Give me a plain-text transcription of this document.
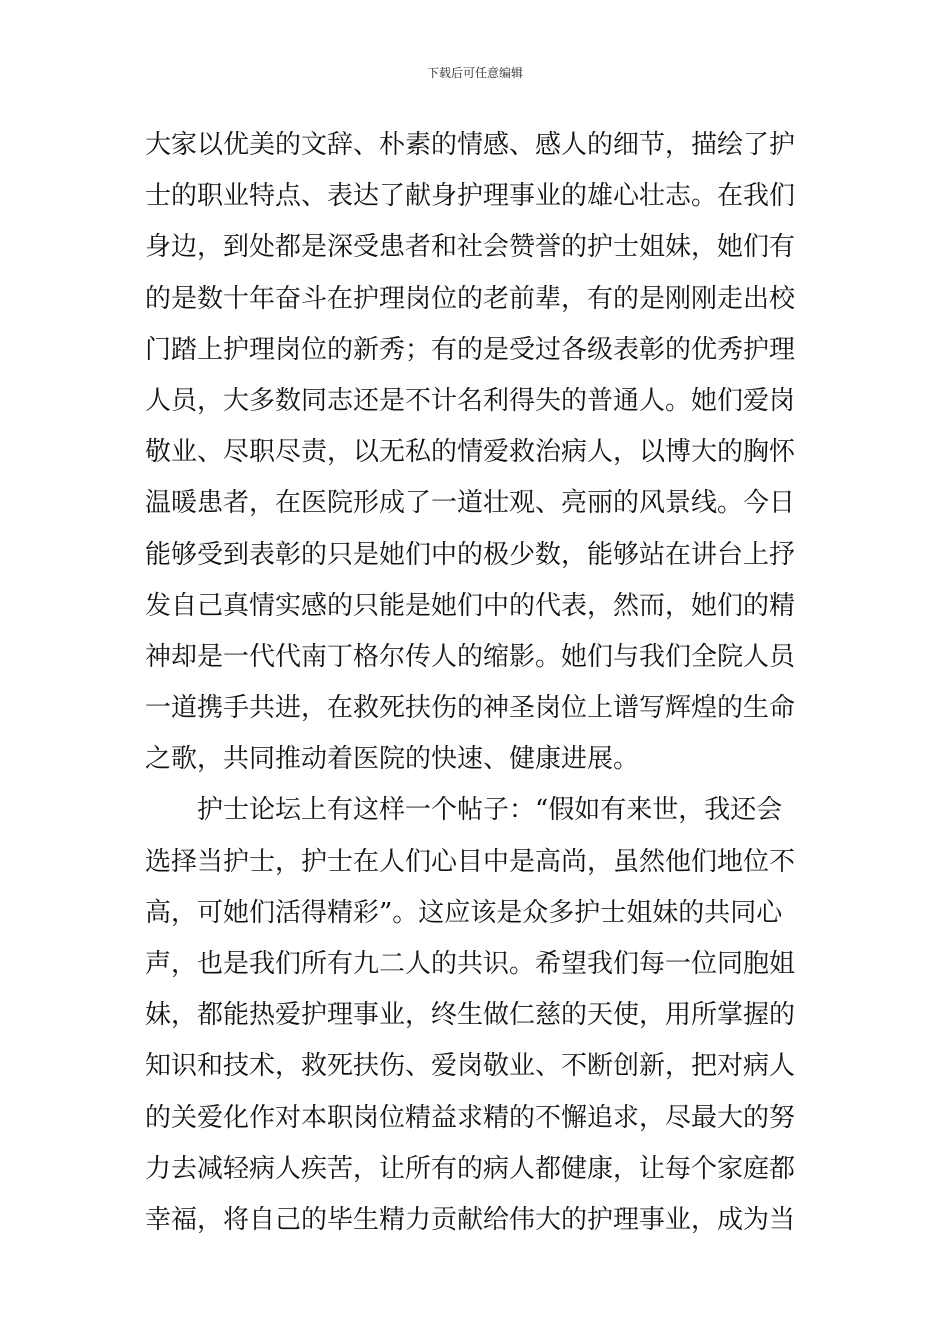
下载后可任意编辑
大家以优美的文辞、朴素的情感、感人的细节，描绘了护
士的职业特点、表达了献身护理事业的雄心壮志。在我们
身边，到处都是深受患者和社会赞誉的护士姐妹，她们有
的是数十年奋斗在护理岗位的老前辈，有的是刚刚走出校
门踏上护理岗位的新秀；有的是受过各级表彰的优秀护理
人员，大多数同志还是不计名利得失的普通人。她们爱岗
敬业、尽职尽责，以无私的情爱救治病人，以博大的胸怀
温暖患者，在医院形成了一道壮观、亮丽的风景线。今日
能够受到表彰的只是她们中的极少数，能够站在讲台上抒
发自己真情实感的只能是她们中的代表，然而，她们的精
神却是一代代南丁格尔传人的缩影。她们与我们全院人员
一道携手共进，在救死扶伤的神圣岗位上谱写辉煌的生命
之歌，共同推动着医院的快速、健康进展。
护士论坛上有这样一个帖子：“假如有来世，我还会
选择当护士，护士在人们心目中是高尚，虽然他们地位不
高，可她们活得精彩”。这应该是众多护士姐妹的共同心
声，也是我们所有九二人的共识。希望我们每一位同胞姐
妹，都能热爱护理事业，终生做仁慈的天使，用所掌握的
知识和技术，救死扶伤、爱岗敬业、不断创新，把对病人
的关爱化作对本职岗位精益求精的不懈追求，尽最大的努
力去减轻病人疾苦，让所有的病人都健康，让每个家庭都
幸福，将自己的毕生精力贡献给伟大的护理事业，成为当
